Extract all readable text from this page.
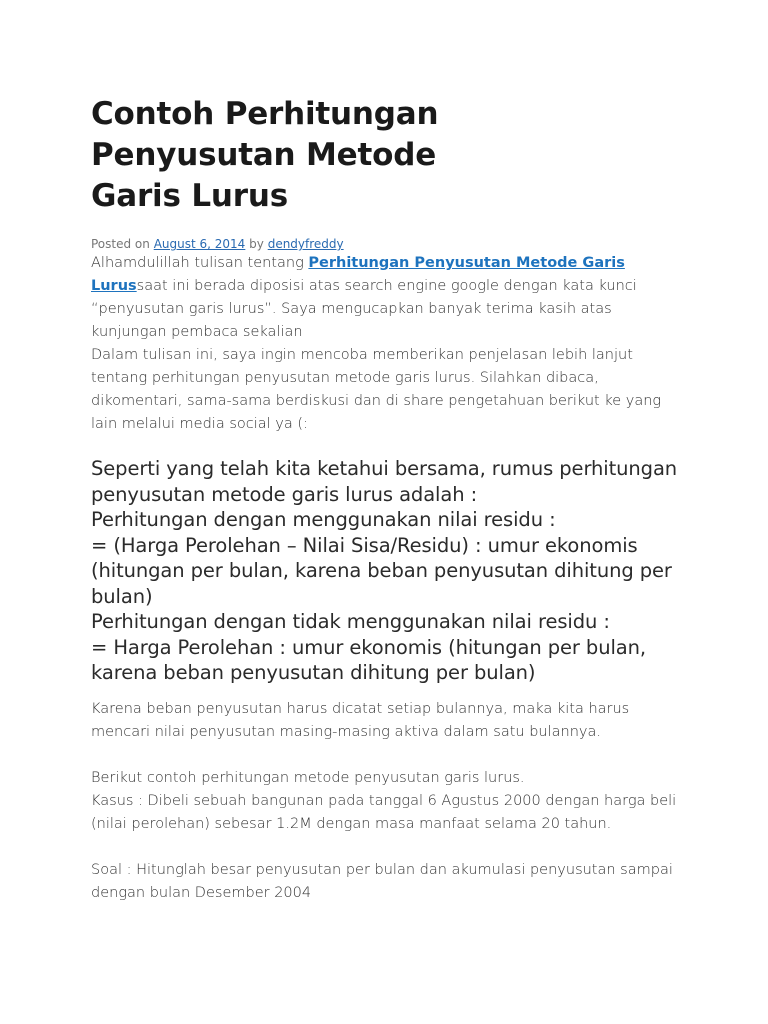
Contoh Perhitungan Penyusutan Metode Garis Lurus
Posted on August 6, 2014 by dendyfreddy

Alhamdulillah tulisan tentang Perhitungan Penyusutan Metode Garis Lurussaat ini berada diposisi atas search engine google dengan kata kunci “penyusutan garis lurus”. Saya mengucapkan banyak terima kasih atas kunjungan pembaca sekalian

Dalam tulisan ini, saya ingin mencoba memberikan penjelasan lebih lanjut tentang perhitungan penyusutan metode garis lurus. Silahkan dibaca, dikomentari, sama-sama berdiskusi dan di share pengetahuan berikut ke yang lain melalui media social ya (:

Seperti yang telah kita ketahui bersama, rumus perhitungan penyusutan metode garis lurus adalah :

Perhitungan dengan menggunakan nilai residu :

= (Harga Perolehan – Nilai Sisa/Residu) : umur ekonomis (hitungan per bulan, karena beban penyusutan dihitung per bulan)

Perhitungan dengan tidak menggunakan nilai residu :

= Harga Perolehan : umur ekonomis (hitungan per bulan, karena beban penyusutan dihitung per bulan)

Karena beban penyusutan harus dicatat setiap bulannya, maka kita harus mencari nilai penyusutan masing-masing aktiva dalam satu bulannya.

Berikut contoh perhitungan metode penyusutan garis lurus.

Kasus : Dibeli sebuah bangunan pada tanggal 6 Agustus 2000 dengan harga beli (nilai perolehan) sebesar 1.2M dengan masa manfaat selama 20 tahun.

Soal : Hitunglah besar penyusutan per bulan dan akumulasi penyusutan sampai dengan bulan Desember 2004
